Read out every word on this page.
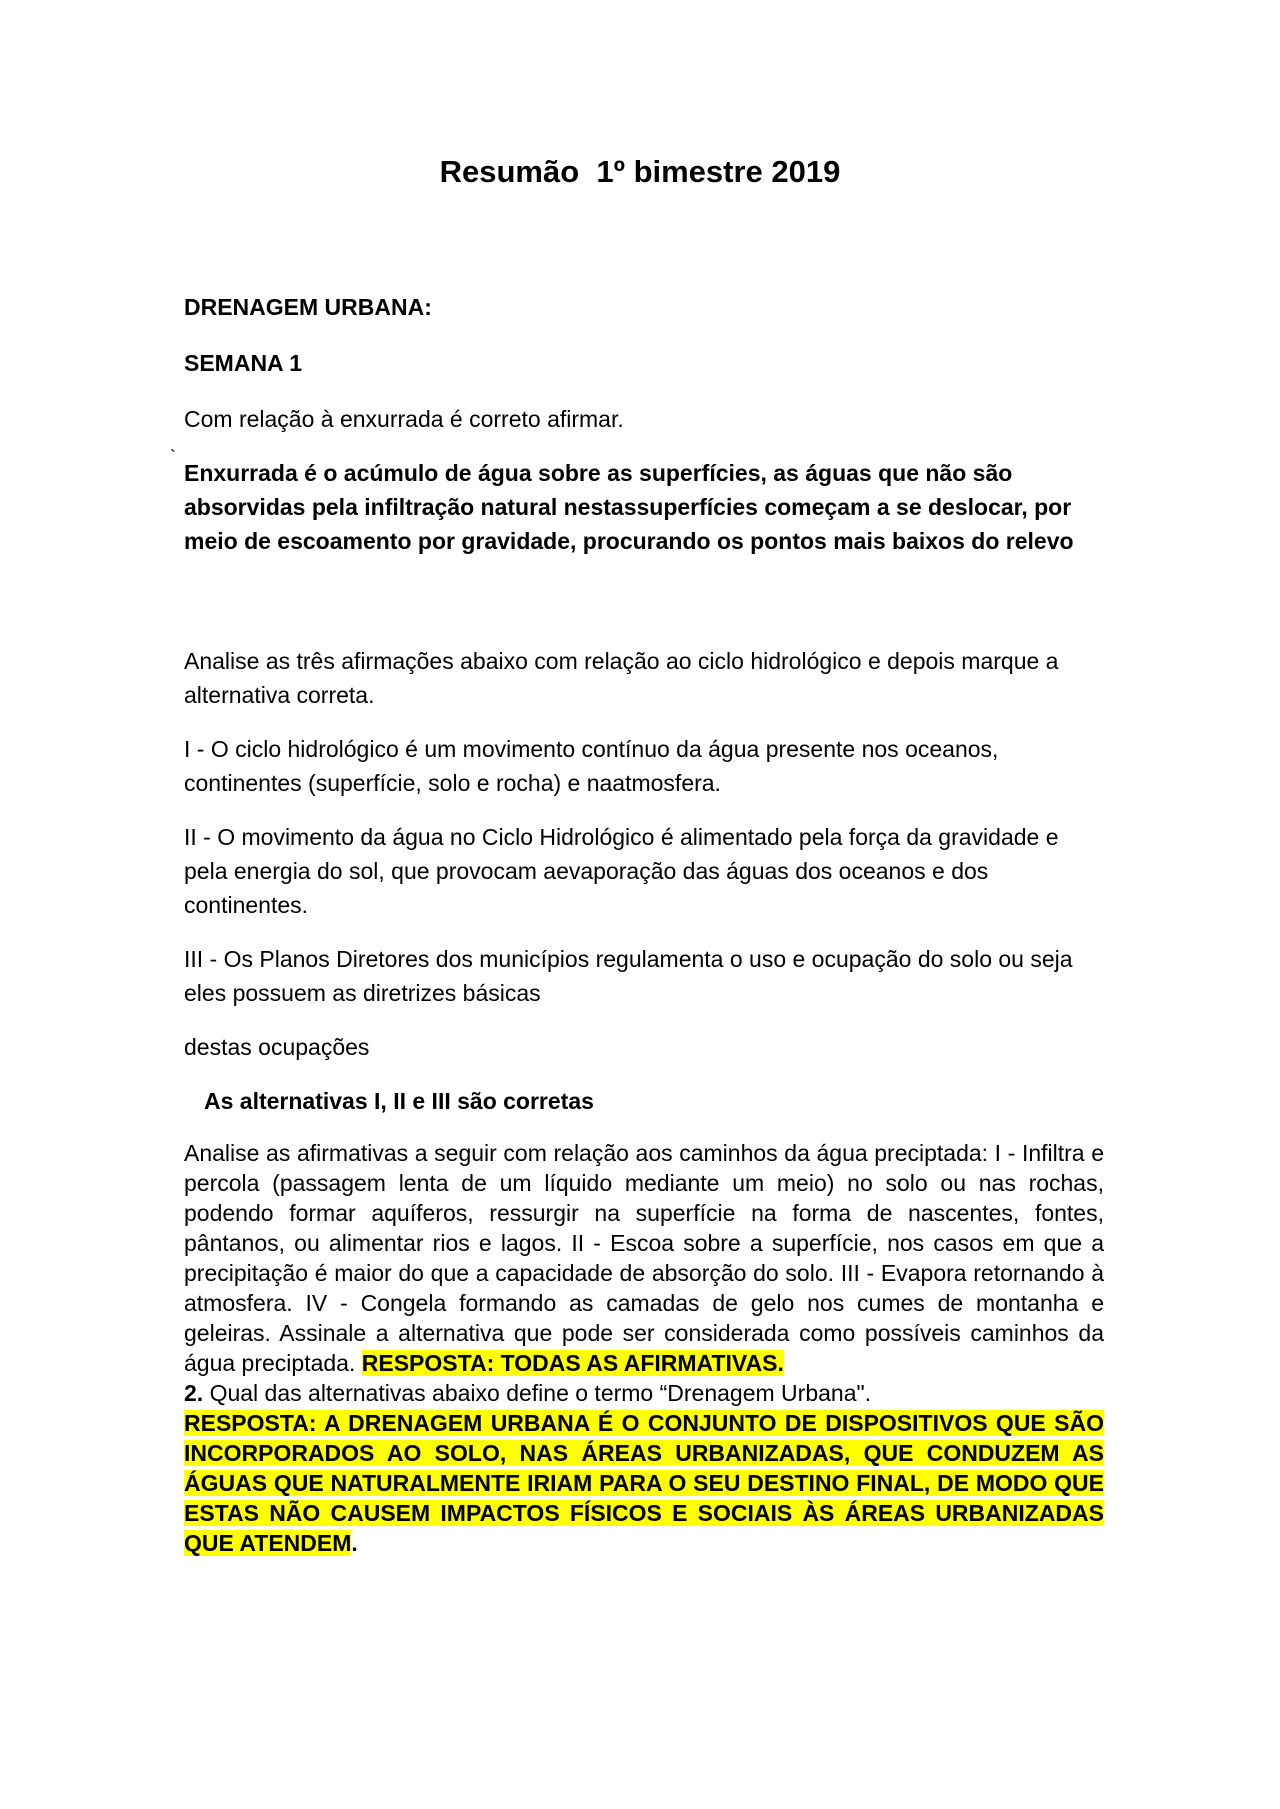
Resumão  1º bimestre 2019
`
DRENAGEM URBANA:
SEMANA 1

Com relação à enxurrada é correto afirmar.

Enxurrada é o acúmulo de água sobre as superfícies, as águas que não são absorvidas pela infiltração natural nestassuperfícies começam a se deslocar, por meio de escoamento por gravidade, procurando os pontos mais baixos do relevo

Analise as três afirmações abaixo com relação ao ciclo hidrológico e depois marque a alternativa correta.

I - O ciclo hidrológico é um movimento contínuo da água presente nos oceanos, continentes (superfície, solo e rocha) e naatmosfera.

II - O movimento da água no Ciclo Hidrológico é alimentado pela força da gravidade e pela energia do sol, que provocam aevaporação das águas dos oceanos e dos continentes.

III - Os Planos Diretores dos municípios regulamenta o uso e ocupação do solo ou seja eles possuem as diretrizes básicas

destas ocupações

As alternativas I, II e III são corretas

Analise as afirmativas a seguir com relação aos caminhos da água preciptada: I - Infiltra e percola (passagem lenta de um líquido mediante um meio) no solo ou nas rochas, podendo formar aquíferos, ressurgir na superfície na forma de nascentes, fontes, pântanos, ou alimentar rios e lagos. II - Escoa sobre a superfície, nos casos em que a precipitação é maior do que a capacidade de absorção do solo. III - Evapora retornando à atmosfera. IV - Congela formando as camadas de gelo nos cumes de montanha e geleiras. Assinale a alternativa que pode ser considerada como possíveis caminhos da água preciptada. RESPOSTA: TODAS AS AFIRMATIVAS.

2. Qual das alternativas abaixo define o termo “Drenagem Urbana".

RESPOSTA: A DRENAGEM URBANA É O CONJUNTO DE DISPOSITIVOS QUE SÃO INCORPORADOS AO SOLO, NAS ÁREAS URBANIZADAS, QUE CONDUZEM AS ÁGUAS QUE NATURALMENTE IRIAM PARA O SEU DESTINO FINAL, DE MODO QUE ESTAS NÃO CAUSEM IMPACTOS FÍSICOS E SOCIAIS ÀS ÁREAS URBANIZADAS QUE ATENDEM.
